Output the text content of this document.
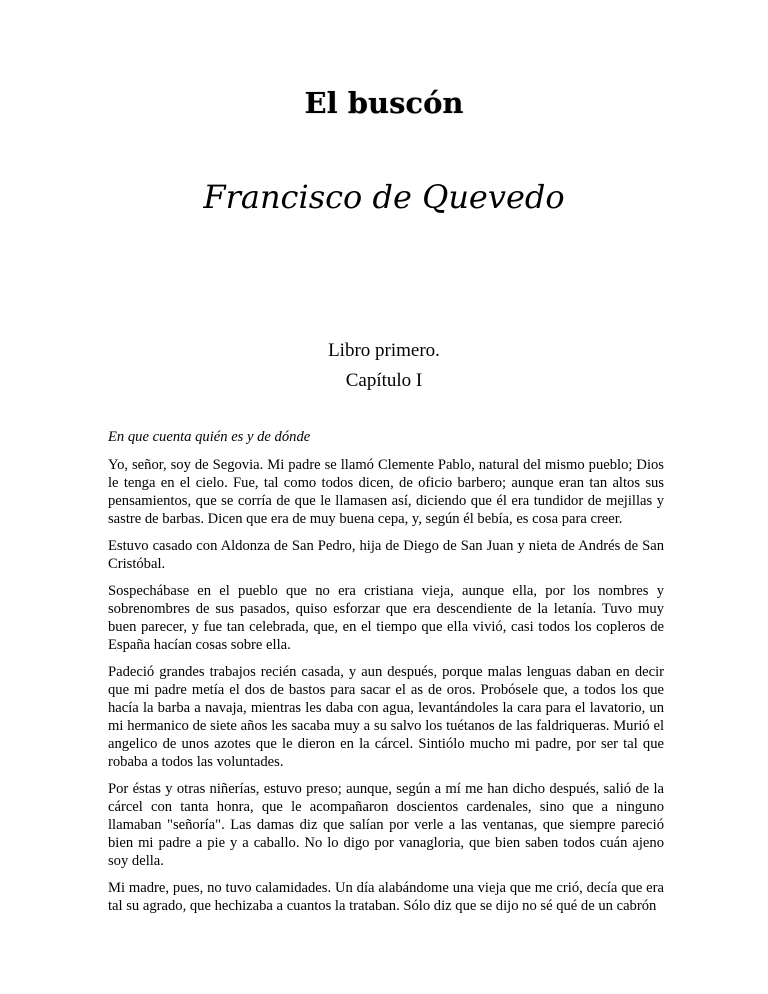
El buscón
Francisco de Quevedo
Libro primero.
Capítulo I
En que cuenta quién es y de dónde

Yo, señor, soy de Segovia. Mi padre se llamó Clemente Pablo, natural del mismo pueblo; Dios le tenga en el cielo. Fue, tal como todos dicen, de oficio barbero; aunque eran tan altos sus pensamientos, que se corría de que le llamasen así, diciendo que él era tundidor de mejillas y sastre de barbas. Dicen que era de muy buena cepa, y, según él bebía, es cosa para creer.

Estuvo casado con Aldonza de San Pedro, hija de Diego de San Juan y nieta de Andrés de San Cristóbal.

Sospechábase en el pueblo que no era cristiana vieja, aunque ella, por los nombres y sobrenombres de sus pasados, quiso esforzar que era descendiente de la letanía. Tuvo muy buen parecer, y fue tan celebrada, que, en el tiempo que ella vivió, casi todos los copleros de España hacían cosas sobre ella.

Padeció grandes trabajos recién casada, y aun después, porque malas lenguas daban en decir que mi padre metía el dos de bastos para sacar el as de oros. Probósele que, a todos los que hacía la barba a navaja, mientras les daba con agua, levantándoles la cara para el lavatorio, un mi hermanico de siete años les sacaba muy a su salvo los tuétanos de las faldriqueras. Murió el angelico de unos azotes que le dieron en la cárcel. Sintiólo mucho mi padre, por ser tal que robaba a todos las voluntades.

Por éstas y otras niñerías, estuvo preso; aunque, según a mí me han dicho después, salió de la cárcel con tanta honra, que le acompañaron doscientos cardenales, sino que a ninguno llamaban "señoría". Las damas diz que salían por verle a las ventanas, que siempre pareció bien mi padre a pie y a caballo. No lo digo por vanagloria, que bien saben todos cuán ajeno soy della.

Mi madre, pues, no tuvo calamidades. Un día alabándome una vieja que me crió, decía que era tal su agrado, que hechizaba a cuantos la trataban. Sólo diz que se dijo no sé qué de un cabrón
